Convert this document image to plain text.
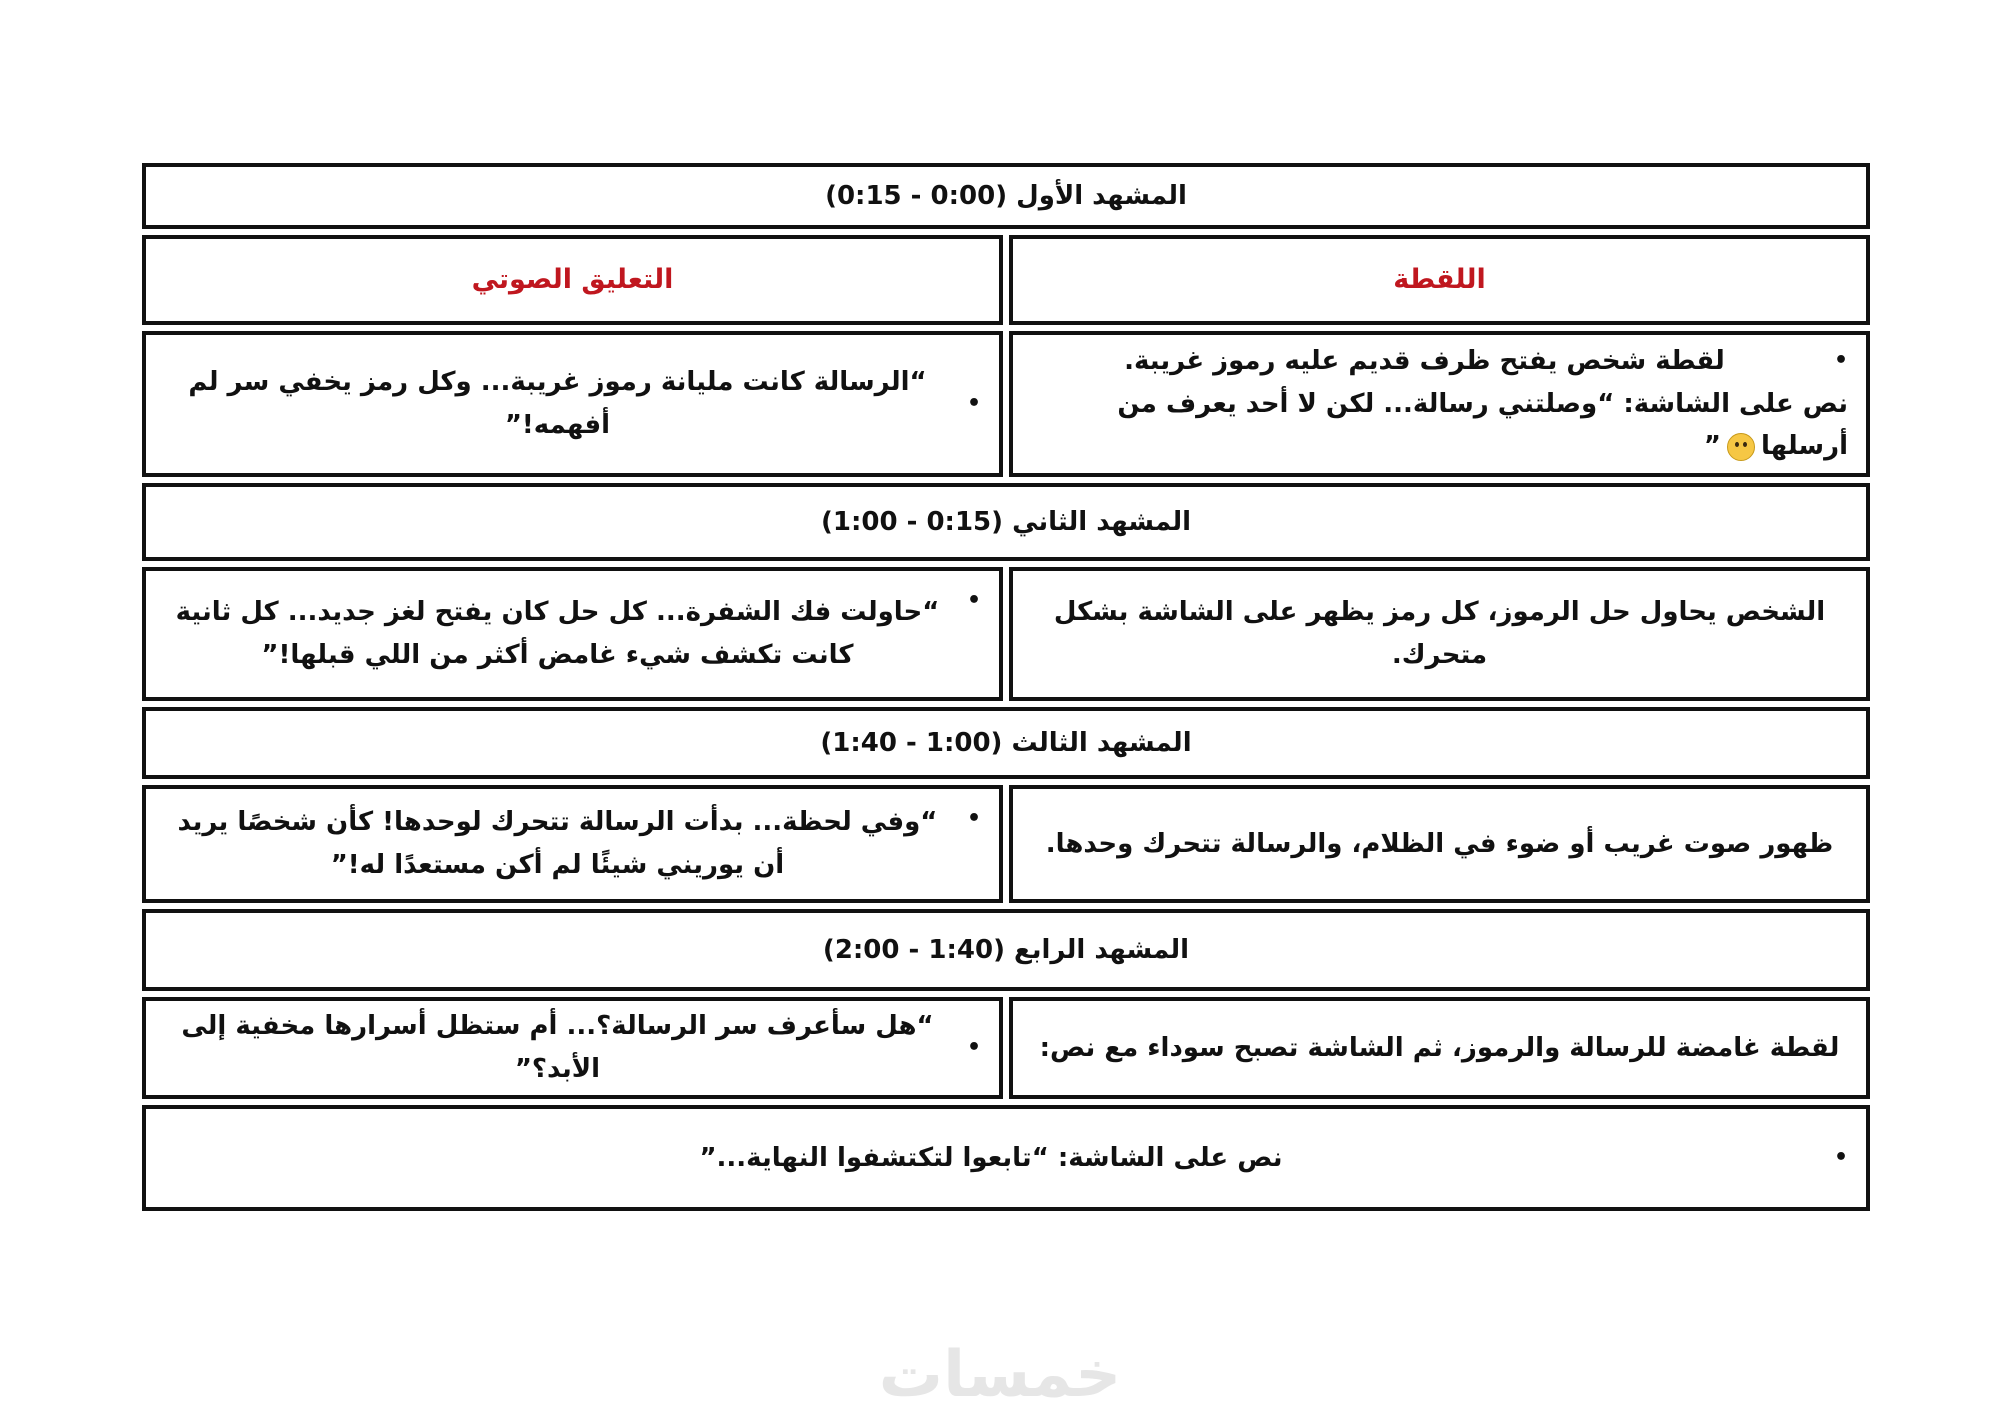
المشهد الأول (0:00 - 0:15)
اللقطة
التعليق الصوتي
•
لقطة شخص يفتح ظرف قديم عليه رموز غريبة.
نص على الشاشة: “وصلتني رسالة... لكن لا أحد يعرف من أرسلها”
•
“الرسالة كانت مليانة رموز غريبة... وكل رمز يخفي سر لم أفهمه!”
المشهد الثاني (0:15 - 1:00)
الشخص يحاول حل الرموز، كل رمز يظهر على الشاشة بشكل متحرك.
•
“حاولت فك الشفرة... كل حل كان يفتح لغز جديد... كل ثانية كانت تكشف شيء غامض أكثر من اللي قبلها!”
المشهد الثالث (1:00 - 1:40)
ظهور صوت غريب أو ضوء في الظلام، والرسالة تتحرك وحدها.
•
“وفي لحظة... بدأت الرسالة تتحرك لوحدها! كأن شخصًا يريد أن يوريني شيئًا لم أكن مستعدًا له!”
المشهد الرابع (1:40 - 2:00)
لقطة غامضة للرسالة والرموز، ثم الشاشة تصبح سوداء مع نص:
•
“هل سأعرف سر الرسالة؟... أم ستظل أسرارها مخفية إلى الأبد؟”
•
نص على الشاشة: “تابعوا لتكتشفوا النهاية...”
خمسات
